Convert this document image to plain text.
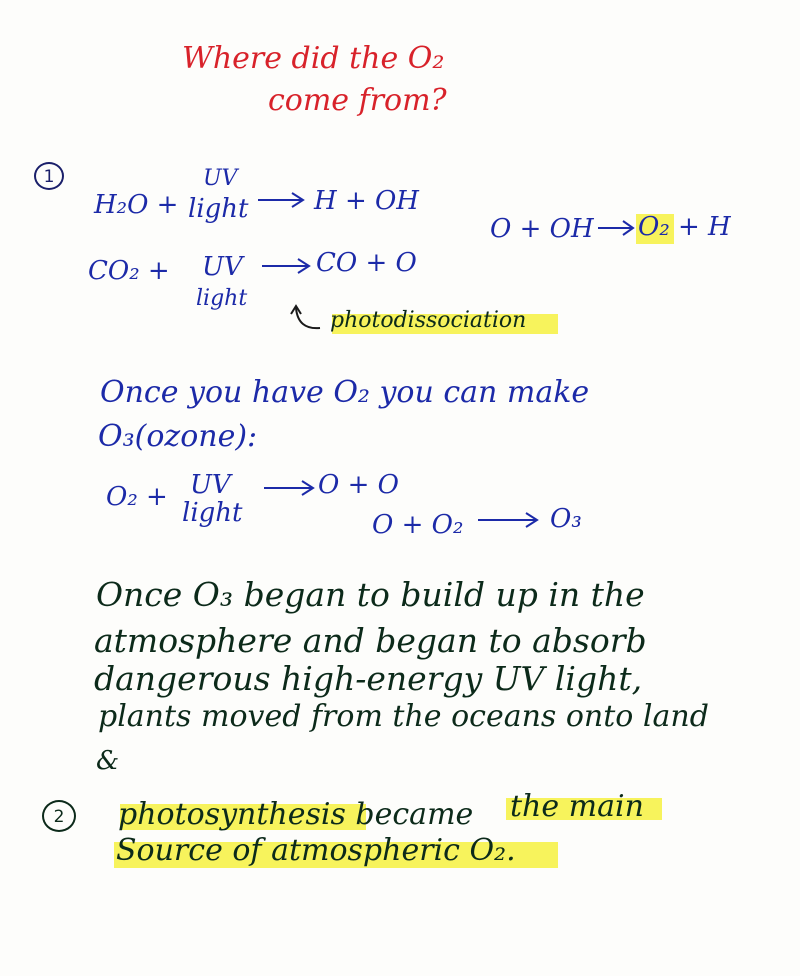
Where did the O₂
come from?
1
H₂O +
UV
light	H + OH
O + OH O₂ + H
CO₂ + UV
light
CO + O
photodissociation
Once you have O₂ you can make
O₃(ozone):
O₂ + UV
light
O + O
O + O₂	O₃
Once O₃ began to build up in the
atmosphere and began to absorb
dangerous high-energy UV light,
plants moved from the oceans onto land
&
2	photosynthesis became the main
Source of atmospheric O₂.
